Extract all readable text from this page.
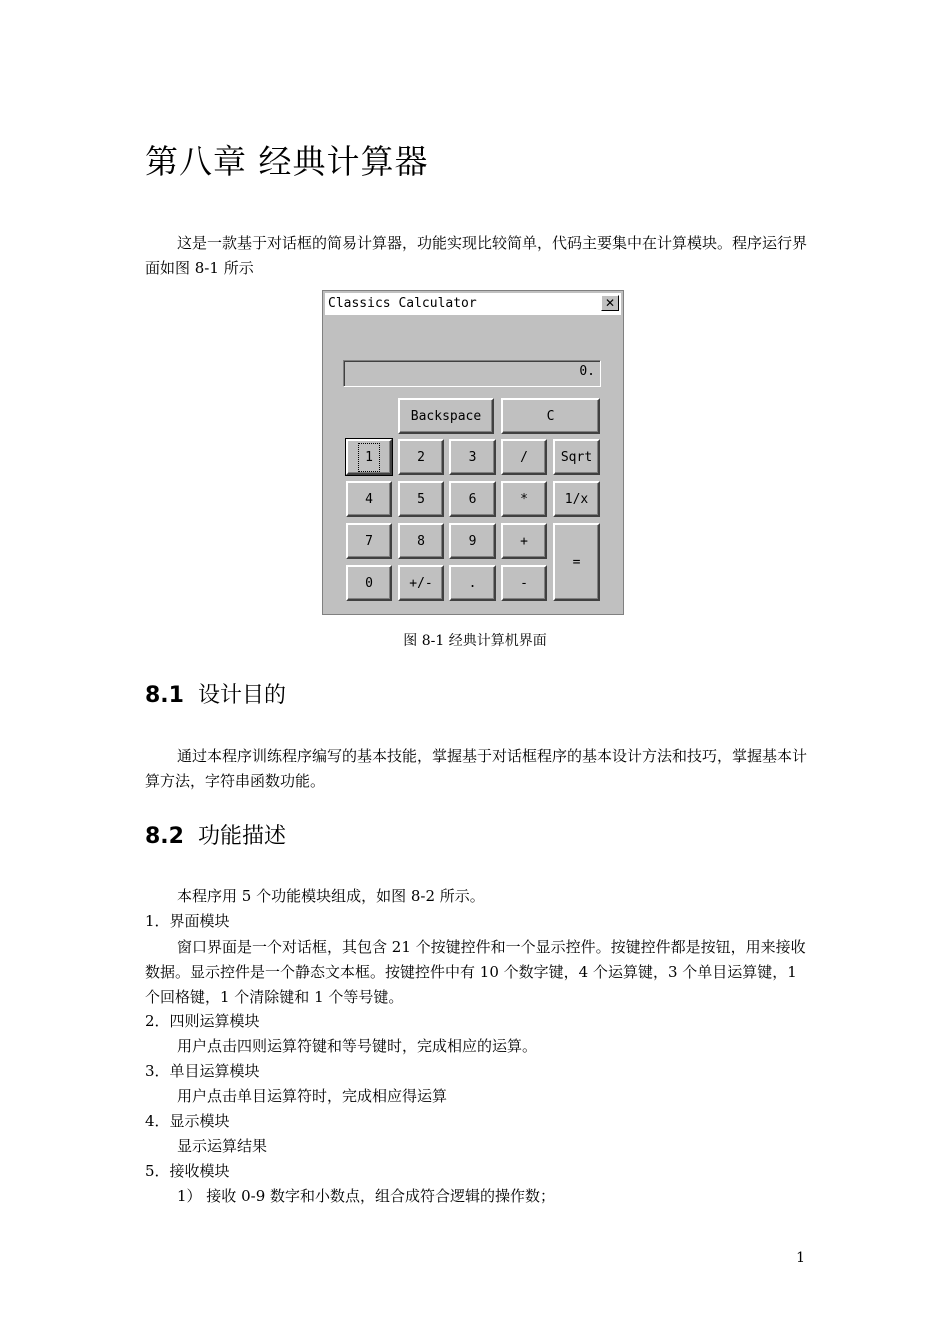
第八章 经典计算器
这是一款基于对话框的简易计算器，功能实现比较简单，代码主要集中在计算模块。程序运行界面如图 8-1 所示
Classics Calculator	✕
0.
Backspace	C
1	2	3	/	Sqrt
4	5	6	*	1/x
7	8	9	+
=
0	+/-	.	-
图 8-1 经典计算机界面
8.1 设计目的
通过本程序训练程序编写的基本技能，掌握基于对话框程序的基本设计方法和技巧，掌握基本计算方法，字符串函数功能。
8.2 功能描述
本程序用 5 个功能模块组成，如图 8-2 所示。
1．界面模块
窗口界面是一个对话框，其包含 21 个按键控件和一个显示控件。按键控件都是按钮，用来接收数据。显示控件是一个静态文本框。按键控件中有 10 个数字键，4 个运算键，3 个单目运算键，1 个回格键，1 个清除键和 1 个等号键。
2．四则运算模块
用户点击四则运算符键和等号键时，完成相应的运算。
3．单目运算模块
用户点击单目运算符时，完成相应得运算
4．显示模块
显示运算结果
5．接收模块
1） 接收 0-9 数字和小数点，组合成符合逻辑的操作数；
1
